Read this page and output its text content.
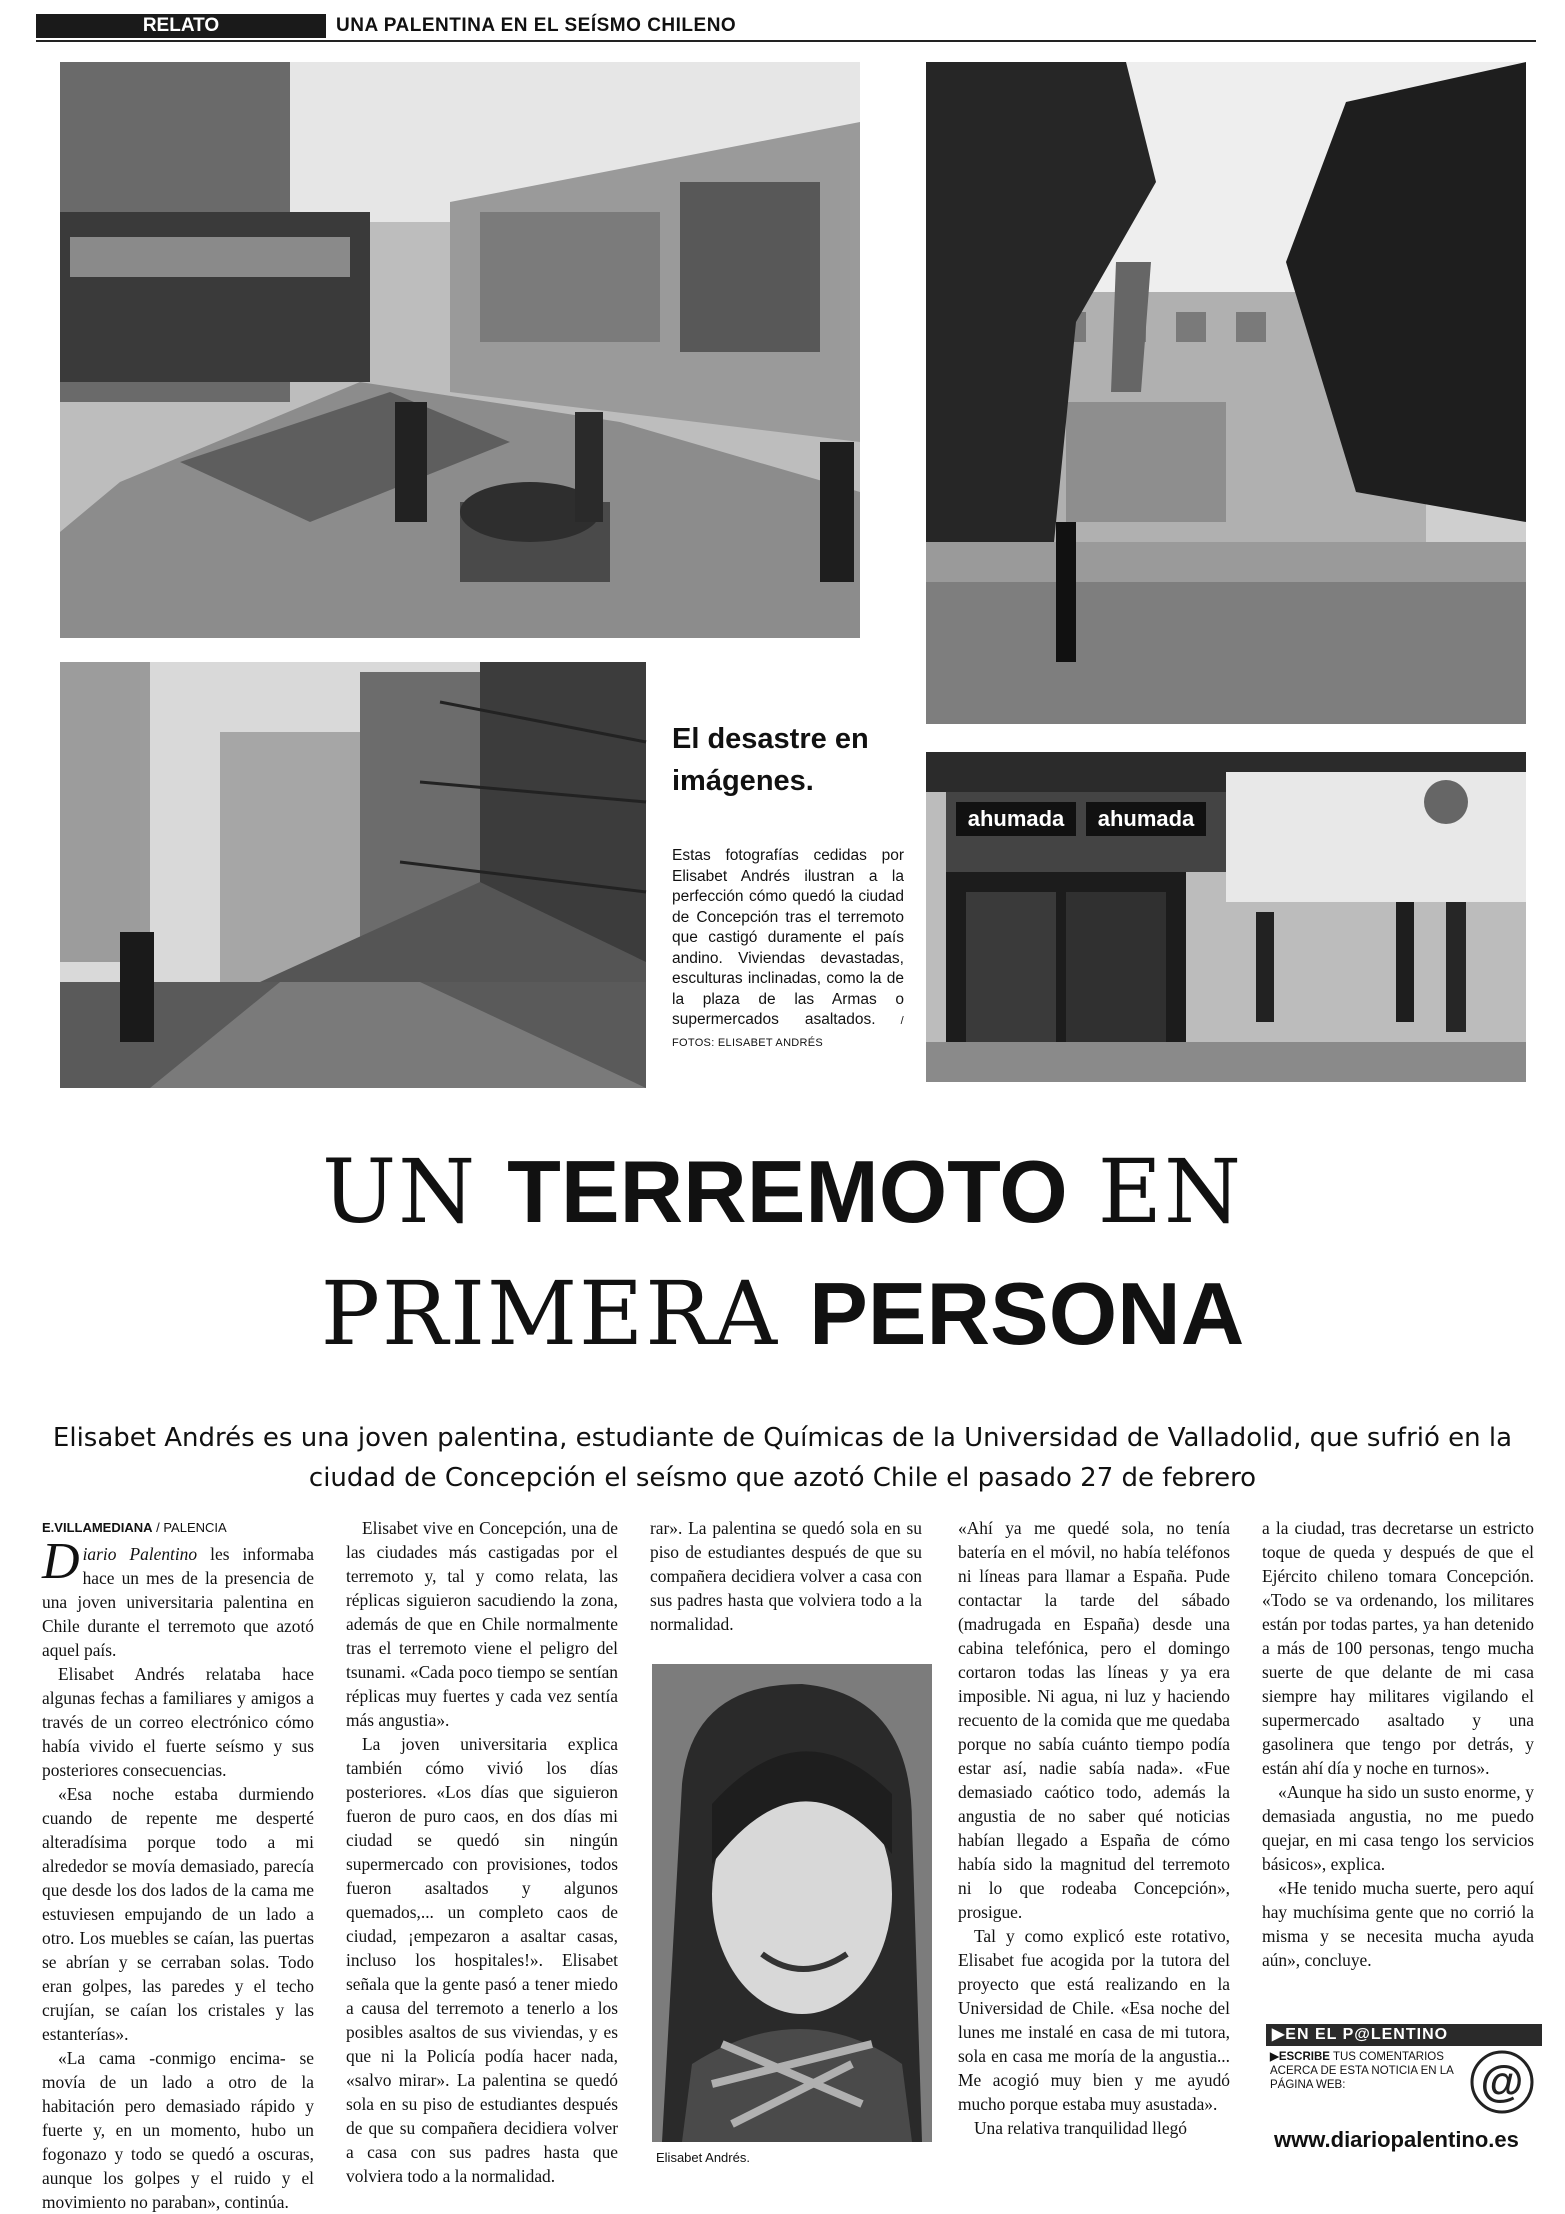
RELATO	UNA PALENTINA EN EL SEÍSMO CHILENO
ahumada ahumada
El desastre en imágenes.
Estas fotografías cedidas por Elisabet Andrés ilustran a la perfección cómo quedó la ciudad de Concepción tras el terremoto que castigó duramente el país andino. Viviendas devastadas, esculturas inclinadas, como la de la plaza de las Armas o supermercados asaltados. / FOTOS: ELISABET ANDRÉS
UN TERREMOTO EN
PRIMERA PERSONA
Elisabet Andrés es una joven palentina, estudiante de Químicas de la Universidad de Valladolid, que sufrió en la ciudad de Concepción el seísmo que azotó Chile el pasado 27 de febrero

E.VILLAMEDIANA / PALENCIA

Diario Palentino les informaba hace un mes de la presencia de una joven universitaria palentina en Chile durante el terremoto que azotó aquel país.

Elisabet Andrés relataba hace algunas fechas a familiares y amigos a través de un correo electrónico cómo había vivido el fuerte seísmo y sus posteriores consecuencias.

«Esa noche estaba durmiendo cuando de repente me desperté alteradísima porque todo a mi alrededor se movía demasiado, parecía que desde los dos lados de la cama me estuviesen empujando de un lado a otro. Los muebles se caían, las puertas se abrían y se cerraban solas. Todo eran golpes, las paredes y el techo crujían, se caían los cristales y las estanterías».

«La cama -conmigo encima- se movía de un lado a otro de la habitación pero demasiado rápido y fuerte y, en un momento, hubo un fogonazo y todo se quedó a oscuras, aunque los golpes y el ruido y el movimiento no paraban», continúa.

Elisabet vive en Concepción, una de las ciudades más castigadas por el terremoto y, tal y como relata, las réplicas siguieron sacudiendo la zona, además de que en Chile normalmente tras el terremoto viene el peligro del tsunami. «Cada poco tiempo se sentían réplicas muy fuertes y cada vez sentía más angustia».

La joven universitaria explica también cómo vivió los días posteriores. «Los días que siguieron fueron de puro caos, en dos días mi ciudad se quedó sin ningún supermercado con provisiones, todos fueron asaltados y algunos quemados,... un completo caos de ciudad, ¡empezaron a asaltar casas, incluso los hospitales!». Elisabet señala que la gente pasó a tener miedo a causa del terremoto a tenerlo a los posibles asaltos de sus viviendas, y es que ni la Policía podía hacer nada, «salvo mirar». La palentina se quedó sola en su piso de estudiantes después de que su compañera decidiera volver a casa con sus padres hasta que volviera todo a la normalidad.

rar». La palentina se quedó sola en su piso de estudiantes después de que su compañera decidiera volver a casa con sus padres hasta que volviera todo a la normalidad.

Elisabet Andrés.

«Ahí ya me quedé sola, no tenía batería en el móvil, no había teléfonos ni líneas para llamar a España. Pude contactar la tarde del sábado (madrugada en España) desde una cabina telefónica, pero el domingo cortaron todas las líneas y ya era imposible. Ni agua, ni luz y haciendo recuento de la comida que me quedaba porque no sabía cuánto tiempo podía estar así, nadie sabía nada». «Fue demasiado caótico todo, además la angustia de no saber qué noticias habían llegado a España de cómo había sido la magnitud del terremoto ni lo que rodeaba Concepción», prosigue.

Tal y como explicó este rotativo, Elisabet fue acogida por la tutora del proyecto que está realizando en la Universidad de Chile. «Esa noche del lunes me instalé en casa de mi tutora, sola en casa me moría de la angustia... Me acogió muy bien y me ayudó mucho porque estaba muy asustada».

Una relativa tranquilidad llegó

a la ciudad, tras decretarse un estricto toque de queda y después de que el Ejército chileno tomara Concepción. «Todo se va ordenando, los militares están por todas partes, ya han detenido a más de 100 personas, tengo mucha suerte de que delante de mi casa siempre hay militares vigilando el supermercado asaltado y una gasolinera que tengo por detrás, y están ahí día y noche en turnos».

«Aunque ha sido un susto enorme, y demasiada angustia, no me puedo quejar, en mi casa tengo los servicios básicos», explica.

«He tenido mucha suerte, pero aquí hay muchísima gente que no corrió la misma y se necesita mucha ayuda aún», concluye.

▶EN EL P@LENTINO
▶ESCRIBE TUS COMENTARIOS ACERCA DE ESTA NOTICIA EN LA PÁGINA WEB:	@
www.diariopalentino.es
